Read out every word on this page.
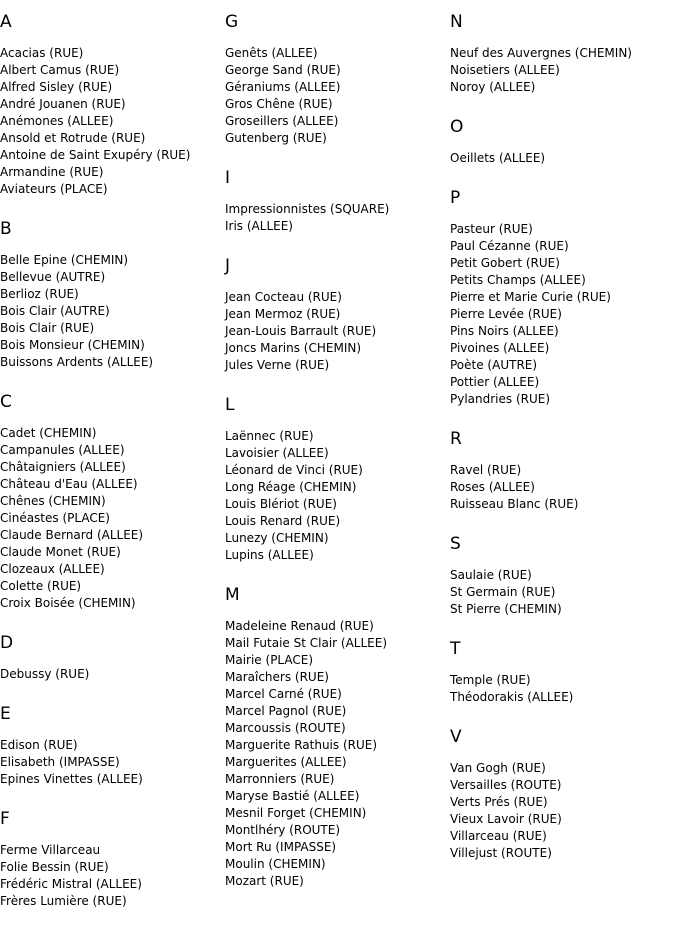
A
Acacias (RUE)
Albert Camus (RUE)
Alfred Sisley (RUE)
André Jouanen (RUE)
Anémones (ALLEE)
Ansold et Rotrude (RUE)
Antoine de Saint Exupéry (RUE)
Armandine (RUE)
Aviateurs (PLACE)
B
Belle Epine (CHEMIN)
Bellevue (AUTRE)
Berlioz (RUE)
Bois Clair (AUTRE)
Bois Clair (RUE)
Bois Monsieur (CHEMIN)
Buissons Ardents (ALLEE)
C
Cadet (CHEMIN)
Campanules (ALLEE)
Châtaigniers (ALLEE)
Château d'Eau (ALLEE)
Chênes (CHEMIN)
Cinéastes (PLACE)
Claude Bernard (ALLEE)
Claude Monet (RUE)
Clozeaux (ALLEE)
Colette (RUE)
Croix Boisée (CHEMIN)
D
Debussy (RUE)
E
Edison (RUE)
Elisabeth (IMPASSE)
Epines Vinettes (ALLEE)
F
Ferme Villarceau
Folie Bessin (RUE)
Frédéric Mistral (ALLEE)
Frères Lumière (RUE)
G
Genêts (ALLEE)
George Sand (RUE)
Géraniums (ALLEE)
Gros Chêne (RUE)
Groseillers (ALLEE)
Gutenberg (RUE)
I
Impressionnistes (SQUARE)
Iris (ALLEE)
J
Jean Cocteau (RUE)
Jean Mermoz (RUE)
Jean-Louis Barrault (RUE)
Joncs Marins (CHEMIN)
Jules Verne (RUE)
L
Laënnec (RUE)
Lavoisier (ALLEE)
Léonard de Vinci (RUE)
Long Réage (CHEMIN)
Louis Blériot (RUE)
Louis Renard (RUE)
Lunezy (CHEMIN)
Lupins (ALLEE)
M
Madeleine Renaud (RUE)
Mail Futaie St Clair (ALLEE)
Mairie (PLACE)
Maraîchers (RUE)
Marcel Carné (RUE)
Marcel Pagnol (RUE)
Marcoussis (ROUTE)
Marguerite Rathuis (RUE)
Marguerites (ALLEE)
Marronniers (RUE)
Maryse Bastié (ALLEE)
Mesnil Forget (CHEMIN)
Montlhéry (ROUTE)
Mort Ru (IMPASSE)
Moulin (CHEMIN)
Mozart (RUE)
N
Neuf des Auvergnes (CHEMIN)
Noisetiers (ALLEE)
Noroy (ALLEE)
O
Oeillets (ALLEE)
P
Pasteur (RUE)
Paul Cézanne (RUE)
Petit Gobert (RUE)
Petits Champs (ALLEE)
Pierre et Marie Curie (RUE)
Pierre Levée (RUE)
Pins Noirs (ALLEE)
Pivoines (ALLEE)
Poète (AUTRE)
Pottier (ALLEE)
Pylandries (RUE)
R
Ravel (RUE)
Roses (ALLEE)
Ruisseau Blanc (RUE)
S
Saulaie (RUE)
St Germain (RUE)
St Pierre (CHEMIN)
T
Temple (RUE)
Théodorakis (ALLEE)
V
Van Gogh (RUE)
Versailles (ROUTE)
Verts Prés (RUE)
Vieux Lavoir (RUE)
Villarceau (RUE)
Villejust (ROUTE)
